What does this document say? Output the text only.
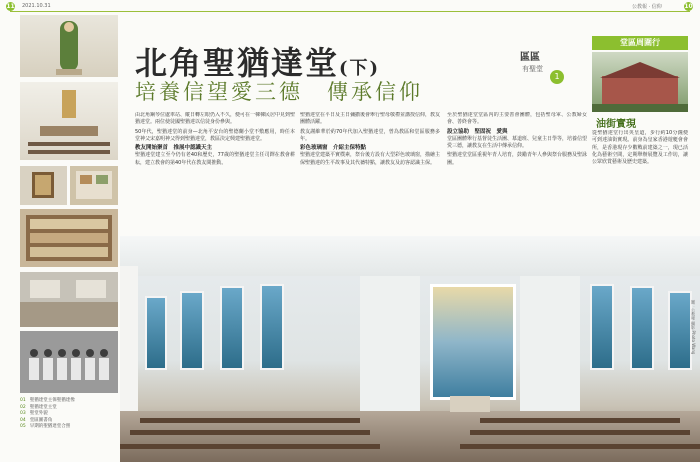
11 2021.10.31	公教報 · 信仰	10
01 聖猶達堂主保聖猶達像
02 聖猶達堂主堂
03 聖堂外貌
04 堂區圖書角
05 早期的聖猶達堂合照
北角聖猶達堂(下)
培養信望愛三德　傳承信仰
區區
有聖堂
1

由北角鋼琴位處車站、縱日轉左眼仍入不久，便可在一棟棟民居中見到聖猶達堂。兩位使徒國聖猶達以信徒身份參與。

50年代，聖猶達堂的前身—北角平安台的聖德蘭小堂不敷應用，時任本堂神父宋嘉明神父得到聖猶達堂，教區決定興建聖猶達堂。

教友開始聚首　推展中認識天主

聖猶達堂建立至今仍有老40和歷史，77歲的聖猶達堂主任司鐸在教會耕耘，建立教會的第40年代在教友間推動。

聖猶達堂在平日及主日彌撒後會舉行聖母敬禮並講授信仰，教友團體活躍。

教友謝維華於約70年代加入聖猶達堂，曾為教區和堂區服務多年。

彩色玻璃窗　介紹主保特點

聖猶達堂建築平實樸素，祭台後方設有大型彩色玻璃窗，描繪主保聖猶達的生平故事及其代禱特點，讓教友及訪客認識主保。

至於聖猶達堂堂區內的主要善會團體，包括聖母軍、公教婦女會、善終會等。

設立協助　堅固祝　愛與

堂區團體舉行基督徒生活團、慕道班、兒童主日學等，培養信望愛三德，讓教友在生活中傳承信仰。

聖猶達堂堂區重視年青人培育，鼓勵青年人參與祭台服務及聖詠團。

堂區周圍行
油街實現
從聖猶達堂行出英皇道，步行約10分鐘便可到達油街實現。前身為皇家香港遊艇會會所，是香港現存少數戰前建築之一，現已活化為藝術空間，定期舉辦展覽及工作坊，讓公眾欣賞藝術及歷史建築。
圖：公教報 攝影 Photo Wang
